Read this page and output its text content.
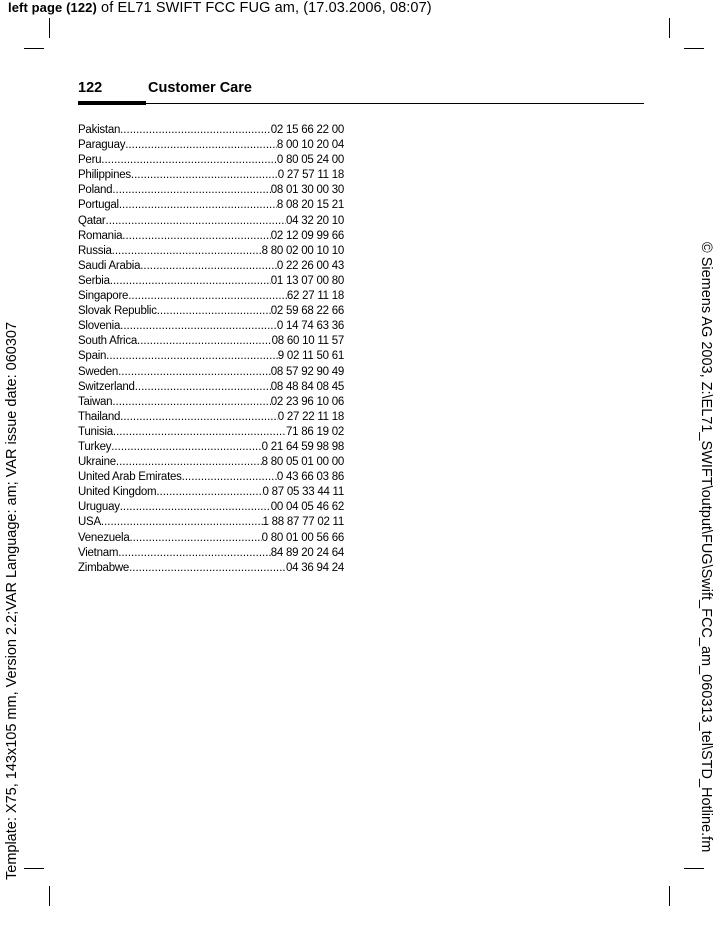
left page (122) of EL71 SWIFT FCC FUG am, (17.03.2006, 08:07)
Template: X75, 143x105 mm, Version 2.2;VAR Language: am; VAR issue date: 060307	© Siemens AG 2003, Z:\EL71_SWIFT\output\FUG\Swift_FCC_am_060313_tel\STD_Hotline.fm
122	Customer Care
Pakistan .....	02 15 66 22 00
Paraguay .....	8 00 10 20 04
Peru .....	0 80 05 24 00
Philippines .....	0 27 57 11 18
Poland .....	08 01 30 00 30
Portugal .....	8 08 20 15 21
Qatar .....	04 32 20 10
Romania .....	02 12 09 99 66
Russia .....	8 80 02 00 10 10
Saudi Arabia .....	0 22 26 00 43
Serbia .....	01 13 07 00 80
Singapore .....	62 27 11 18
Slovak Republic .....	02 59 68 22 66
Slovenia .....	0 14 74 63 36
South Africa .....	08 60 10 11 57
Spain .....	9 02 11 50 61
Sweden .....	08 57 92 90 49
Switzerland .....	08 48 84 08 45
Taiwan .....	02 23 96 10 06
Thailand .....	0 27 22 11 18
Tunisia .....	71 86 19 02
Turkey .....	0 21 64 59 98 98
Ukraine .....	8 80 05 01 00 00
United Arab Emirates .....	0 43 66 03 86
United Kingdom .....	0 87 05 33 44 11
Uruguay .....	00 04 05 46 62
USA .....	1 88 87 77 02 11
Venezuela .....	0 80 01 00 56 66
Vietnam .....	84 89 20 24 64
Zimbabwe .....	04 36 94 24
